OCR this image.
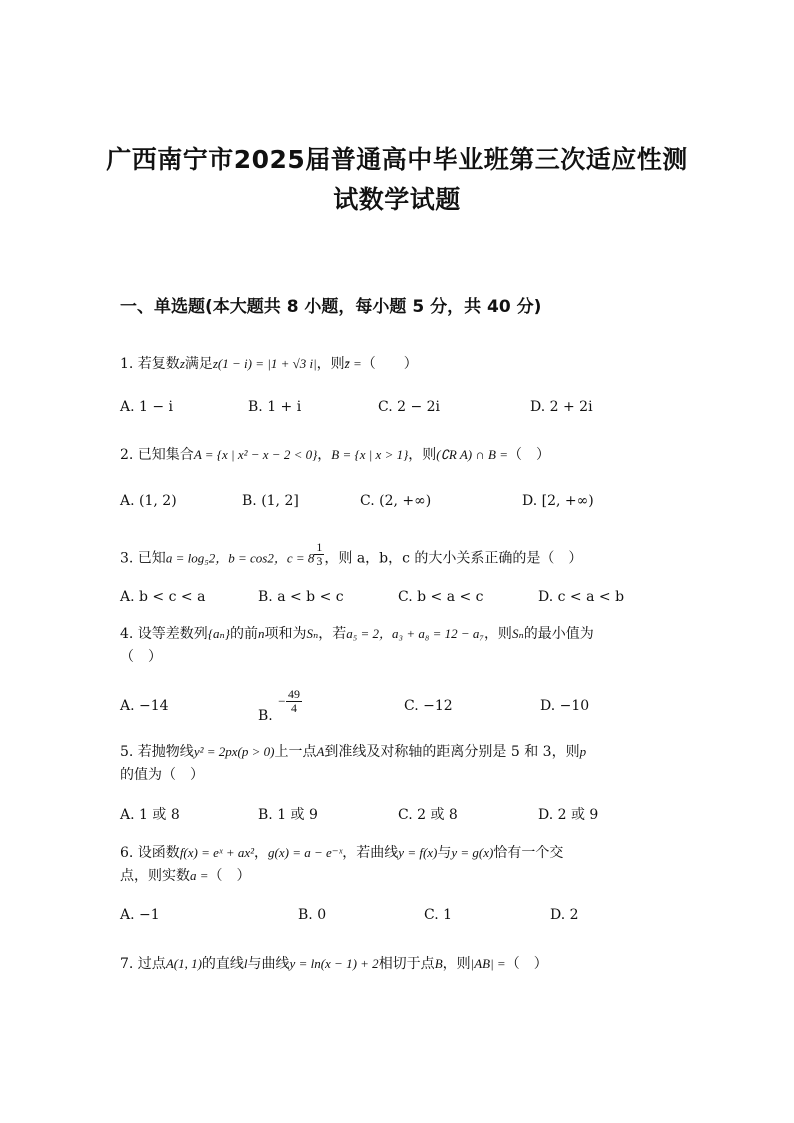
广西南宁市2025届普通高中毕业班第三次适应性测
试数学试题
一、单选题(本大题共 8 小题，每小题 5 分，共 40 分)
1. 若复数z满足z(1 − i) = |1 + √3 i|，则z̄ =（　　）
A. 1 − i	B. 1 + i	C. 2 − 2i	D. 2 + 2i
2. 已知集合A = {x | x² − x − 2 < 0}，B = {x | x > 1}，则(∁R A) ∩ B =（　）
A. (1, 2)	B. (1, 2]	C. (2, +∞)	D. [2, +∞)
3. 已知a = log₅2，b = cos2，c = 8 $^{\frac{1}{3}}$ ，则 a，b，c 的大小关系正确的是（　）
A. b < c < a	B. a < b < c	C. b < a < c	D. c < a < b
4. 设等差数列{aₙ}的前n项和为Sₙ，若a₅ = 2，a₃ + a₈ = 12 − a₇，则Sₙ的最小值为
（　）
A. −14
B. − $\frac{49}{4}$	C. −12	D. −10
5. 若抛物线y² = 2px(p > 0)上一点A到准线及对称轴的距离分别是 5 和 3，则p
的值为（　）
A. 1 或 8	B. 1 或 9	C. 2 或 8	D. 2 或 9
6. 设函数f(x) = eˣ + ax²，g(x) = a − e⁻ˣ，若曲线y = f(x)与y = g(x)恰有一个交
点，则实数a =（　）
A. −1	B. 0	C. 1	D. 2
7. 过点A(1, 1)的直线l与曲线y = ln(x − 1) + 2相切于点B，则|AB| =（　）
